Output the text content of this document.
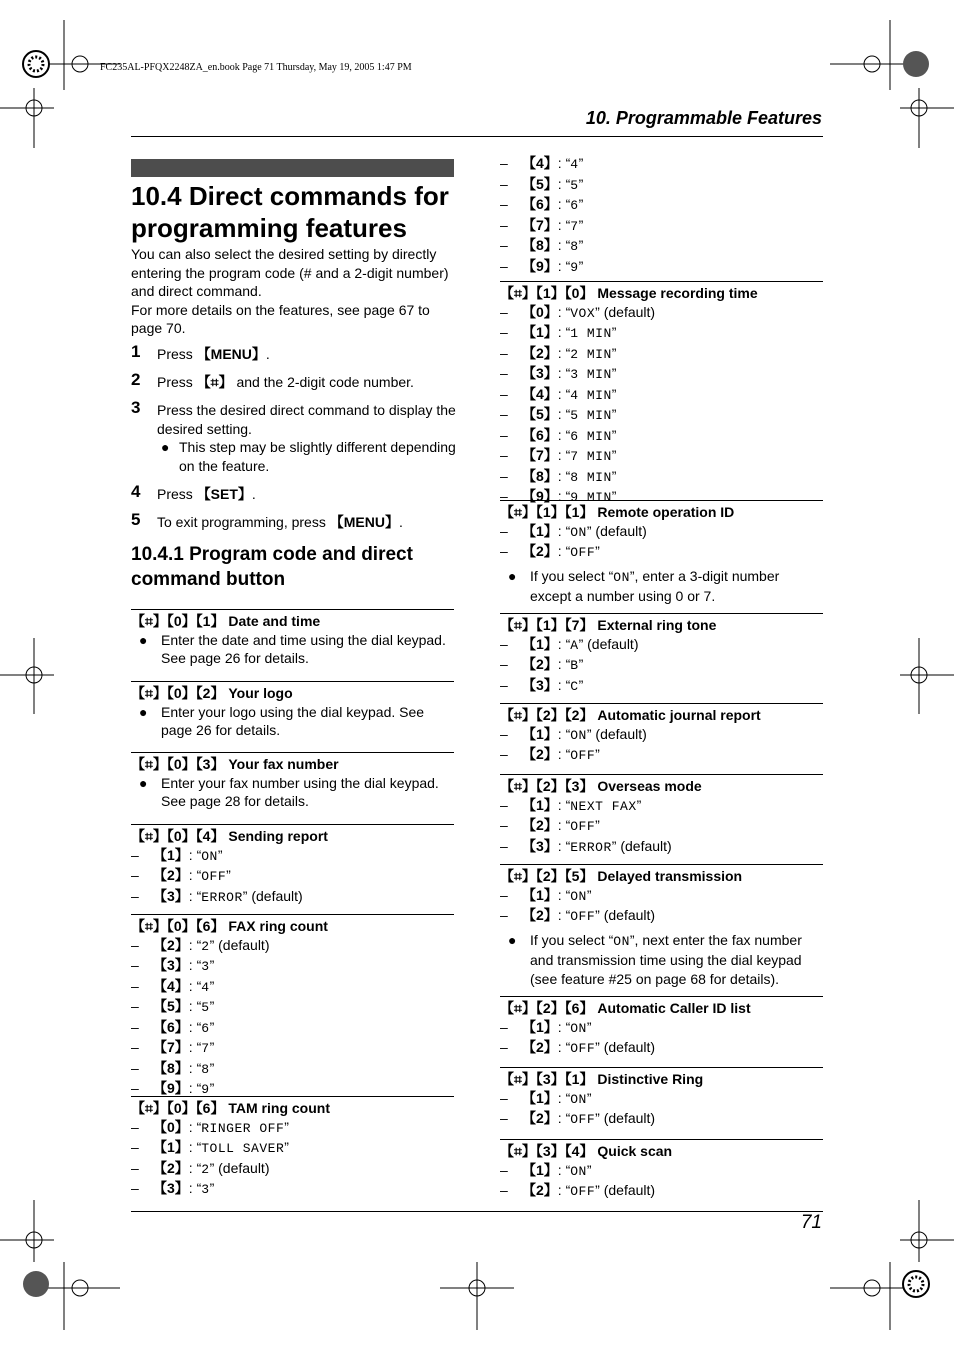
FC235AL-PFQX2248ZA_en.book Page 71 Thursday, May 19, 2005 1:47 PM
10. Programmable Features
10.4 Direct commands for programming features
You can also select the desired setting by directly entering the program code (# and a 2-digit number) and direct command.
For more details on the features, see page 67 to page 70.
1 Press 【MENU】.
2 Press 【⌗】 and the 2-digit code number.
3 Press the desired direct command to display the desired setting.
● This step may be slightly different depending on the feature.
4 Press 【SET】.
5 To exit programming, press 【MENU】.
10.4.1 Program code and direct command button
【⌗】【0】【1】 Date and time
● Enter the date and time using the dial keypad. See page 26 for details.
【⌗】【0】【2】 Your logo
● Enter your logo using the dial keypad. See page 26 for details.
【⌗】【0】【3】 Your fax number
● Enter your fax number using the dial keypad. See page 28 for details.
【⌗】【0】【4】 Sending report
– 【1】: “ON”
– 【2】: “OFF”
– 【3】: “ERROR” (default)
【⌗】【0】【6】 FAX ring count
– 【2】: “2” (default)
– 【3】: “3”
– 【4】: “4”
– 【5】: “5”
– 【6】: “6”
– 【7】: “7”
– 【8】: “8”
– 【9】: “9”
【⌗】【0】【6】 TAM ring count
– 【0】: “RINGER OFF”
– 【1】: “TOLL SAVER”
– 【2】: “2” (default)
– 【3】: “3”
– 【4】: “4”
– 【5】: “5”
– 【6】: “6”
– 【7】: “7”
– 【8】: “8”
– 【9】: “9”
【⌗】【1】【0】 Message recording time
– 【0】: “VOX” (default)
– 【1】: “1 MIN”
– 【2】: “2 MIN”
– 【3】: “3 MIN”
– 【4】: “4 MIN”
– 【5】: “5 MIN”
– 【6】: “6 MIN”
– 【7】: “7 MIN”
– 【8】: “8 MIN”
– 【9】: “9 MIN”
【⌗】【1】【1】 Remote operation ID
– 【1】: “ON” (default)
– 【2】: “OFF”
● If you select “ON”, enter a 3-digit number except a number using 0 or 7.
【⌗】【1】【7】 External ring tone
– 【1】: “A” (default)
– 【2】: “B”
– 【3】: “C”
【⌗】【2】【2】 Automatic journal report
– 【1】: “ON” (default)
– 【2】: “OFF”
【⌗】【2】【3】 Overseas mode
– 【1】: “NEXT FAX”
– 【2】: “OFF”
– 【3】: “ERROR” (default)
【⌗】【2】【5】 Delayed transmission
– 【1】: “ON”
– 【2】: “OFF” (default)
● If you select “ON”, next enter the fax number and transmission time using the dial keypad (see feature #25 on page 68 for details).
【⌗】【2】【6】 Automatic Caller ID list
– 【1】: “ON”
– 【2】: “OFF” (default)
【⌗】【3】【1】 Distinctive Ring
– 【1】: “ON”
– 【2】: “OFF” (default)
【⌗】【3】【4】 Quick scan
– 【1】: “ON”
– 【2】: “OFF” (default)
71
